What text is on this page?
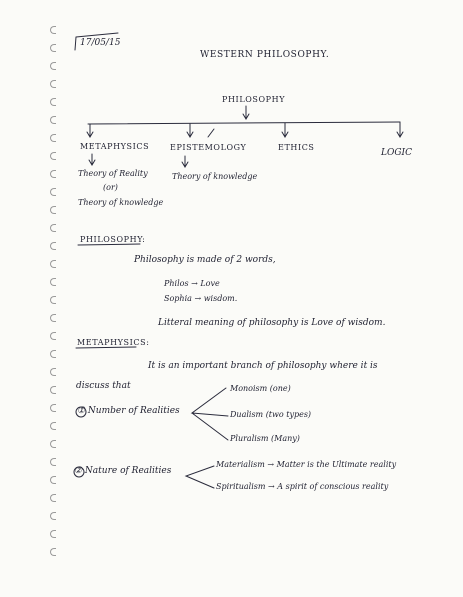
17/05/15
WESTERN PHILOSOPHY.
PHILOSOPHY
METAPHYSICS	EPISTEMOLOGY	ETHICS
LOGIC
Theory of Reality
(or)
Theory of knowledge
Theory of knowledge
PHILOSOPHY:
Philosophy is made of 2 words,
Philos → Love
Sophia → wisdom.
Litteral meaning of philosophy is Love of wisdom.
METAPHYSICS:
It is an important branch of philosophy where it is
discuss that
① Number of Realities
Monoism (one)
Dualism (two types)
Pluralism (Many)
② Nature of Realities
Materialism → Matter is the Ultimate reality
Spiritualism → A spirit of conscious reality
